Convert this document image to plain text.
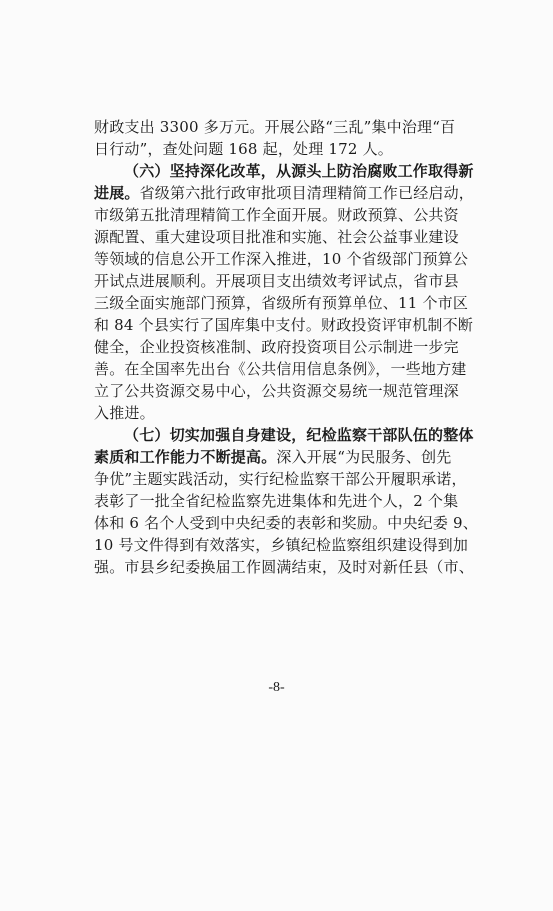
财政支出 3300 多万元。开展公路“三乱”集中治理“百
日行动”，查处问题 168 起，处理 172 人。
（六）坚持深化改革，从源头上防治腐败工作取得新
进展。省级第六批行政审批项目清理精简工作已经启动，
市级第五批清理精简工作全面开展。财政预算、公共资
源配置、重大建设项目批准和实施、社会公益事业建设
等领域的信息公开工作深入推进，10 个省级部门预算公
开试点进展顺利。开展项目支出绩效考评试点，省市县
三级全面实施部门预算，省级所有预算单位、11 个市区
和 84 个县实行了国库集中支付。财政投资评审机制不断
健全，企业投资核准制、政府投资项目公示制进一步完
善。在全国率先出台《公共信用信息条例》，一些地方建
立了公共资源交易中心，公共资源交易统一规范管理深
入推进。
（七）切实加强自身建设，纪检监察干部队伍的整体
素质和工作能力不断提高。深入开展“为民服务、创先
争优”主题实践活动，实行纪检监察干部公开履职承诺，
表彰了一批全省纪检监察先进集体和先进个人，2 个集
体和 6 名个人受到中央纪委的表彰和奖励。中央纪委 9、
10 号文件得到有效落实，乡镇纪检监察组织建设得到加
强。市县乡纪委换届工作圆满结束，及时对新任县（市、
-8-
